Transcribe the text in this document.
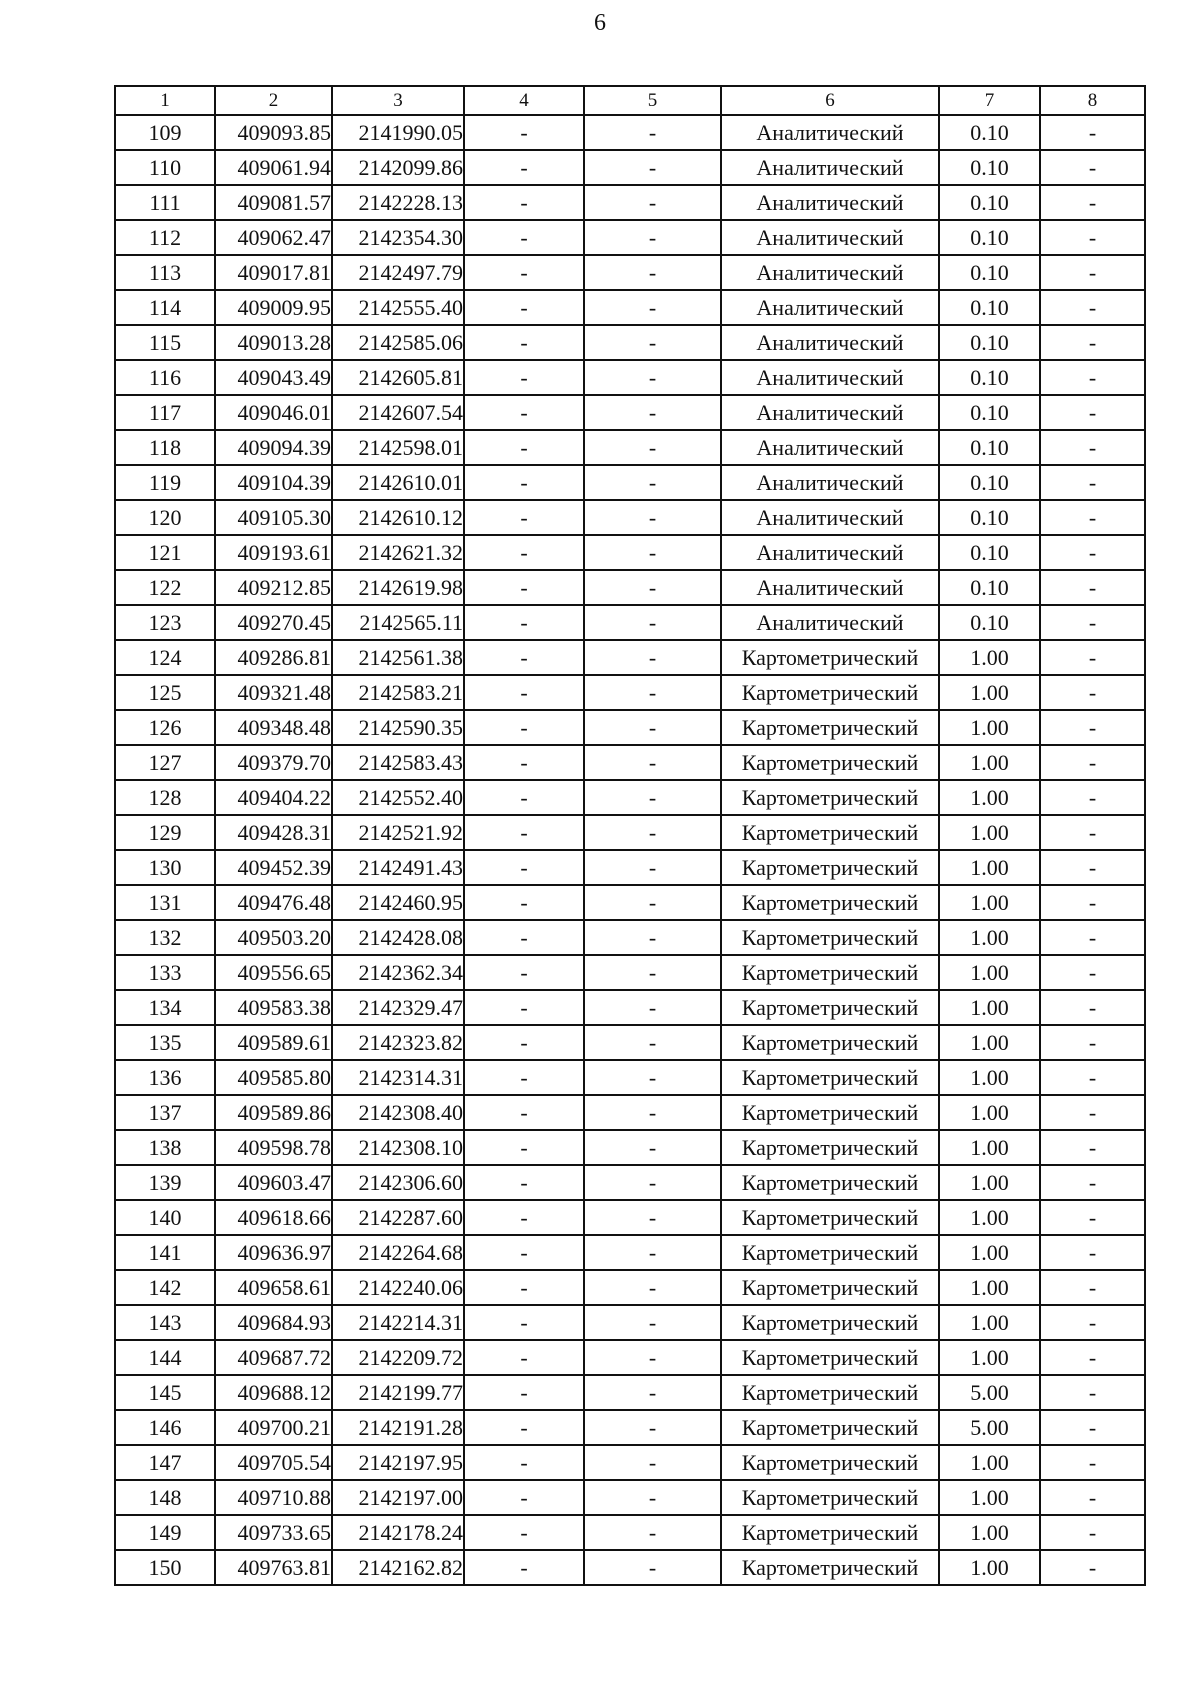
6
1	2	3	4	5	6	7	8
109	409093.85	2141990.05	-	-	Аналитический	0.10	-
110	409061.94	2142099.86	-	-	Аналитический	0.10	-
111	409081.57	2142228.13	-	-	Аналитический	0.10	-
112	409062.47	2142354.30	-	-	Аналитический	0.10	-
113	409017.81	2142497.79	-	-	Аналитический	0.10	-
114	409009.95	2142555.40	-	-	Аналитический	0.10	-
115	409013.28	2142585.06	-	-	Аналитический	0.10	-
116	409043.49	2142605.81	-	-	Аналитический	0.10	-
117	409046.01	2142607.54	-	-	Аналитический	0.10	-
118	409094.39	2142598.01	-	-	Аналитический	0.10	-
119	409104.39	2142610.01	-	-	Аналитический	0.10	-
120	409105.30	2142610.12	-	-	Аналитический	0.10	-
121	409193.61	2142621.32	-	-	Аналитический	0.10	-
122	409212.85	2142619.98	-	-	Аналитический	0.10	-
123	409270.45	2142565.11	-	-	Аналитический	0.10	-
124	409286.81	2142561.38	-	-	Картометрический	1.00	-
125	409321.48	2142583.21	-	-	Картометрический	1.00	-
126	409348.48	2142590.35	-	-	Картометрический	1.00	-
127	409379.70	2142583.43	-	-	Картометрический	1.00	-
128	409404.22	2142552.40	-	-	Картометрический	1.00	-
129	409428.31	2142521.92	-	-	Картометрический	1.00	-
130	409452.39	2142491.43	-	-	Картометрический	1.00	-
131	409476.48	2142460.95	-	-	Картометрический	1.00	-
132	409503.20	2142428.08	-	-	Картометрический	1.00	-
133	409556.65	2142362.34	-	-	Картометрический	1.00	-
134	409583.38	2142329.47	-	-	Картометрический	1.00	-
135	409589.61	2142323.82	-	-	Картометрический	1.00	-
136	409585.80	2142314.31	-	-	Картометрический	1.00	-
137	409589.86	2142308.40	-	-	Картометрический	1.00	-
138	409598.78	2142308.10	-	-	Картометрический	1.00	-
139	409603.47	2142306.60	-	-	Картометрический	1.00	-
140	409618.66	2142287.60	-	-	Картометрический	1.00	-
141	409636.97	2142264.68	-	-	Картометрический	1.00	-
142	409658.61	2142240.06	-	-	Картометрический	1.00	-
143	409684.93	2142214.31	-	-	Картометрический	1.00	-
144	409687.72	2142209.72	-	-	Картометрический	1.00	-
145	409688.12	2142199.77	-	-	Картометрический	5.00	-
146	409700.21	2142191.28	-	-	Картометрический	5.00	-
147	409705.54	2142197.95	-	-	Картометрический	1.00	-
148	409710.88	2142197.00	-	-	Картометрический	1.00	-
149	409733.65	2142178.24	-	-	Картометрический	1.00	-
150	409763.81	2142162.82	-	-	Картометрический	1.00	-
